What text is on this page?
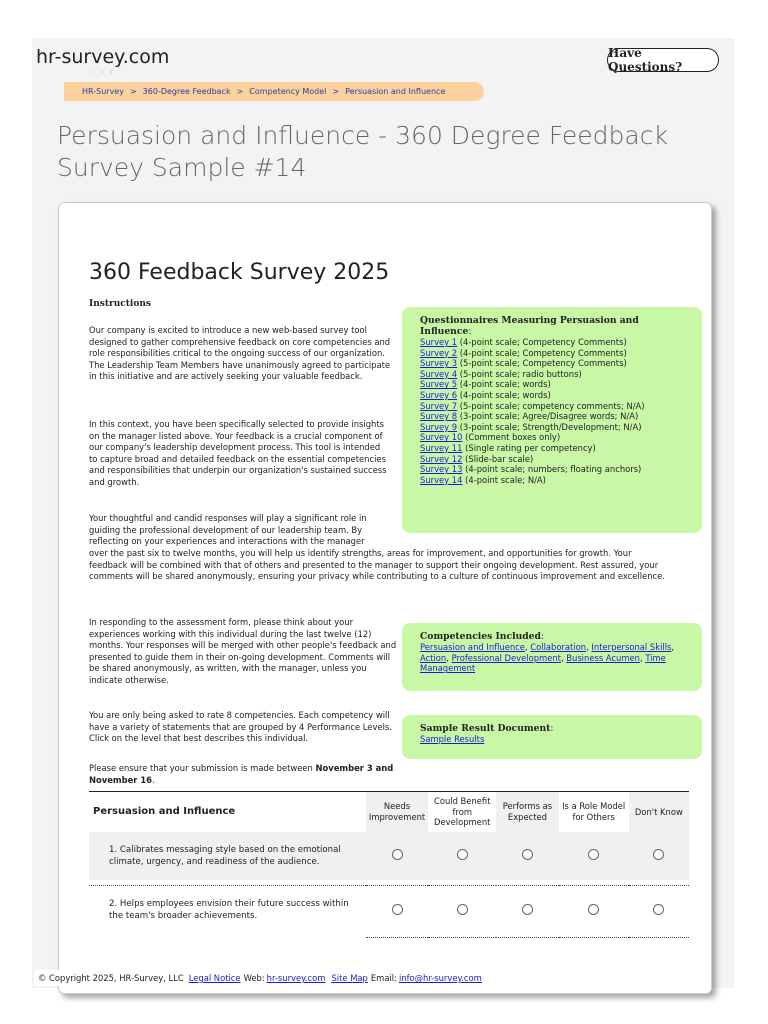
hr-survey.com
· · ·
Have Questions?
HR-Survey > 360-Degree Feedback > Competency Model > Persuasion and Influence
Persuasion and Influence - 360 Degree Feedback Survey Sample #14
360 Feedback Survey 2025
Instructions
Our company is excited to introduce a new web-based survey tool designed to gather comprehensive feedback on core competencies and role responsibilities critical to the ongoing success of our organization. The Leadership Team Members have unanimously agreed to participate in this initiative and are actively seeking your valuable feedback.
In this context, you have been specifically selected to provide insights on the manager listed above. Your feedback is a crucial component of our company's leadership development process. This tool is intended to capture broad and detailed feedback on the essential competencies and responsibilities that underpin our organization's sustained success and growth.
Your thoughtful and candid responses will play a significant role in guiding the professional development of our leadership team. By reflecting on your experiences and interactions with the manager
over the past six to twelve months, you will help us identify strengths, areas for improvement, and opportunities for growth. Your feedback will be combined with that of others and presented to the manager to support their ongoing development. Rest assured, your comments will be shared anonymously, ensuring your privacy while contributing to a culture of continuous improvement and excellence.
In responding to the assessment form, please think about your experiences working with this individual during the last twelve (12) months. Your responses will be merged with other people's feedback and presented to guide them in their on-going development. Comments will be shared anonymously, as written, with the manager, unless you indicate otherwise.
You are only being asked to rate 8 competencies. Each competency will have a variety of statements that are grouped by 4 Performance Levels. Click on the level that best describes this individual.
Please ensure that your submission is made between November 3 and November 16.
Questionnaires Measuring Persuasion and Influence:
Survey 1 (4-point scale; Competency Comments)
Survey 2 (4-point scale; Competency Comments)
Survey 3 (5-point scale; Competency Comments)
Survey 4 (5-point scale; radio buttons)
Survey 5 (4-point scale; words)
Survey 6 (4-point scale; words)
Survey 7 (5-point scale; competency comments; N/A)
Survey 8 (3-point scale; Agree/Disagree words; N/A)
Survey 9 (3-point scale; Strength/Development; N/A)
Survey 10 (Comment boxes only)
Survey 11 (Single rating per competency)
Survey 12 (Slide-bar scale)
Survey 13 (4-point scale; numbers; floating anchors)
Survey 14 (4-point scale; N/A)
Competencies Included:
Persuasion and Influence, Collaboration, Interpersonal Skills, Action, Professional Development, Business Acumen, Time Management
Sample Result Document:
Sample Results
Persuasion and Influence	Needs Improvement	Could Benefit from Development	Performs as Expected	Is a Role Model for Others	Don't Know
1. Calibrates messaging style based on the emotional climate, urgency, and readiness of the audience.					

2. Helps employees envision their future success within the team's broader achievements.					

© Copyright 2025, HR-Survey, LLC Legal Notice Web: hr-survey.com Site Map Email: info@hr-survey.com
